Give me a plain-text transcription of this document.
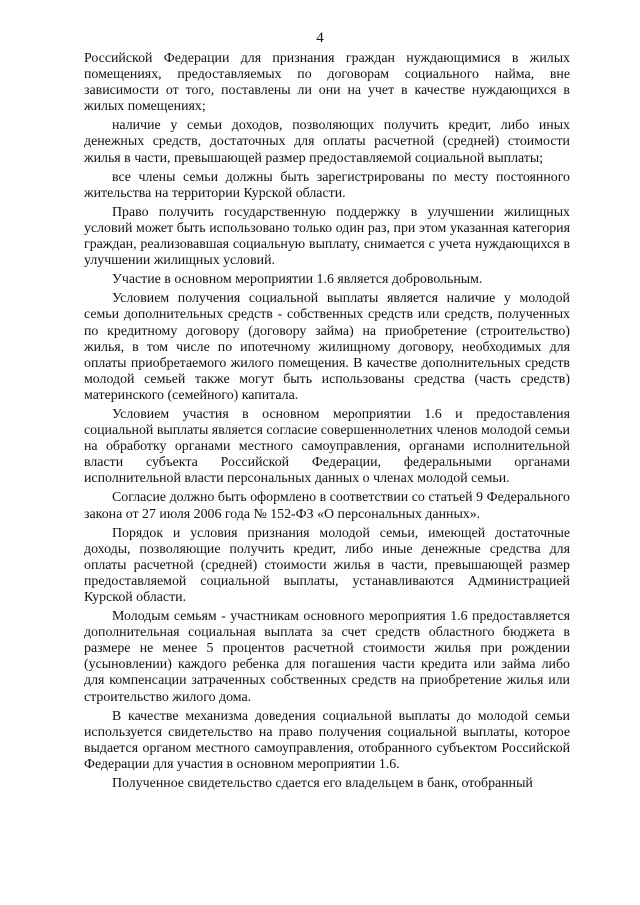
4

Российской Федерации для признания граждан нуждающимися в жилых помещениях, предоставляемых по договорам социального найма, вне зависимости от того, поставлены ли они на учет в качестве нуждающихся в жилых помещениях;

наличие у семьи доходов, позволяющих получить кредит, либо иных денежных средств, достаточных для оплаты расчетной (средней) стоимости жилья в части, превышающей размер предоставляемой социальной выплаты;

все члены семьи должны быть зарегистрированы по месту постоянного жительства на территории Курской области.

Право получить государственную поддержку в улучшении жилищных условий может быть использовано только один раз, при этом указанная категория граждан, реализовавшая социальную выплату, снимается с учета нуждающихся в улучшении жилищных условий.

Участие в основном мероприятии 1.6 является добровольным.

Условием получения социальной выплаты является наличие у молодой семьи дополнительных средств - собственных средств или средств, полученных по кредитному договору (договору займа) на приобретение (строительство) жилья, в том числе по ипотечному жилищному договору, необходимых для оплаты приобретаемого жилого помещения. В качестве дополнительных средств молодой семьей также могут быть использованы средства (часть средств) материнского (семейного) капитала.

Условием участия в основном мероприятии 1.6 и предоставления социальной выплаты является согласие совершеннолетних членов молодой семьи на обработку органами местного самоуправления, органами исполнительной власти субъекта Российской Федерации, федеральными органами исполнительной власти персональных данных о членах молодой семьи.

Согласие должно быть оформлено в соответствии со статьей 9 Федерального закона от 27 июля 2006 года № 152-ФЗ «О персональных данных».

Порядок и условия признания молодой семьи, имеющей достаточные доходы, позволяющие получить кредит, либо иные денежные средства для оплаты расчетной (средней) стоимости жилья в части, превышающей размер предоставляемой социальной выплаты, устанавливаются Администрацией Курской области.

Молодым семьям - участникам основного мероприятия 1.6 предоставляется дополнительная социальная выплата за счет средств областного бюджета в размере не менее 5 процентов расчетной стоимости жилья при рождении (усыновлении) каждого ребенка для погашения части кредита или займа либо для компенсации затраченных собственных средств на приобретение жилья или строительство жилого дома.

В качестве механизма доведения социальной выплаты до молодой семьи используется свидетельство на право получения социальной выплаты, которое выдается органом местного самоуправления, отобранного субъектом Российской Федерации для участия в основном мероприятии 1.6.

Полученное свидетельство сдается его владельцем в банк, отобранный
